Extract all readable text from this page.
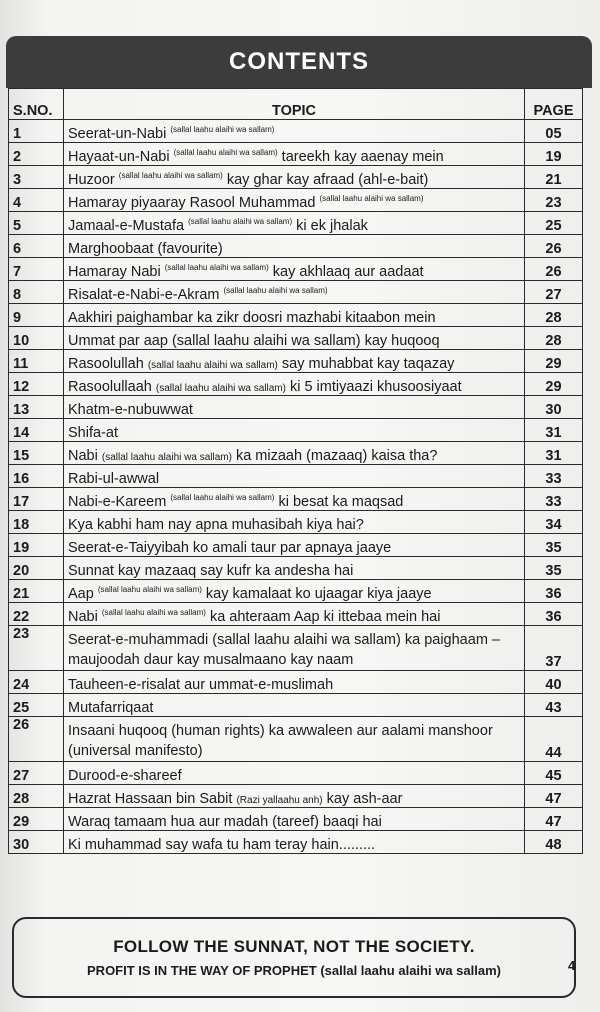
CONTENTS
S.NO.	TOPIC	PAGE
1	Seerat-un-Nabi $^{(sallal laahu alaihi wa sallam)}$	05
2	Hayaat-un-Nabi $^{(sallal laahu alaihi wa sallam)}$ tareekh kay aaenay mein	19
3	Huzoor $^{(sallal laahu alaihi wa sallam)}$ kay ghar kay afraad (ahl-e-bait)	21
4	Hamaray piyaaray Rasool Muhammad $^{(sallal laahu alaihi wa sallam)}$	23
5	Jamaal-e-Mustafa $^{(sallal laahu alaihi wa sallam)}$ ki ek jhalak	25
6	Marghoobaat (favourite)	26
7	Hamaray Nabi $^{(sallal laahu alaihi wa sallam)}$ kay akhlaaq aur aadaat	26
8	Risalat-e-Nabi-e-Akram $^{(sallal laahu alaihi wa sallam)}$	27
9	Aakhiri paighambar ka zikr doosri mazhabi kitaabon mein	28
10	Ummat par aap (sallal laahu alaihi wa sallam) kay huqooq	28
11	Rasoolullah (sallal laahu alaihi wa sallam) say muhabbat kay taqazay	29
12	Rasoolullaah (sallal laahu alaihi wa sallam) ki 5 imtiyaazi khusoosiyaat	29
13	Khatm-e-nubuwwat	30
14	Shifa-at	31
15	Nabi (sallal laahu alaihi wa sallam) ka mizaah (mazaaq) kaisa tha?	31
16	Rabi-ul-awwal	33
17	Nabi-e-Kareem $^{(sallal laahu alaihi wa sallam)}$ ki besat ka maqsad	33
18	Kya kabhi ham nay apna muhasibah kiya hai?	34
19	Seerat-e-Taiyyibah ko amali taur par apnaya jaaye	35
20	Sunnat kay mazaaq say kufr ka andesha hai	35
21	Aap $^{(sallal laahu alaihi wa sallam)}$ kay kamalaat ko ujaagar kiya jaaye	36
22	Nabi $^{(sallal laahu alaihi wa sallam)}$ ka ahteraam Aap ki ittebaa mein hai	36
23	Seerat-e-muhammadi (sallal laahu alaihi wa sallam) ka paighaam – maujoodah daur kay musalmaano kay naam	37
24	Tauheen-e-risalat aur ummat-e-muslimah	40
25	Mutafarriqaat	43
26	Insaani huqooq (human rights) ka awwaleen aur aalami manshoor (universal manifesto)	44
27	Durood-e-shareef	45
28	Hazrat Hassaan bin Sabit (Razi yallaahu anh) kay ash-aar	47
29	Waraq tamaam hua aur madah (tareef) baaqi hai	47
30	Ki muhammad say wafa tu ham teray hain.........	48
FOLLOW THE SUNNAT, NOT THE SOCIETY.
PROFIT IS IN THE WAY OF PROPHET (sallal laahu alaihi wa sallam)	4
